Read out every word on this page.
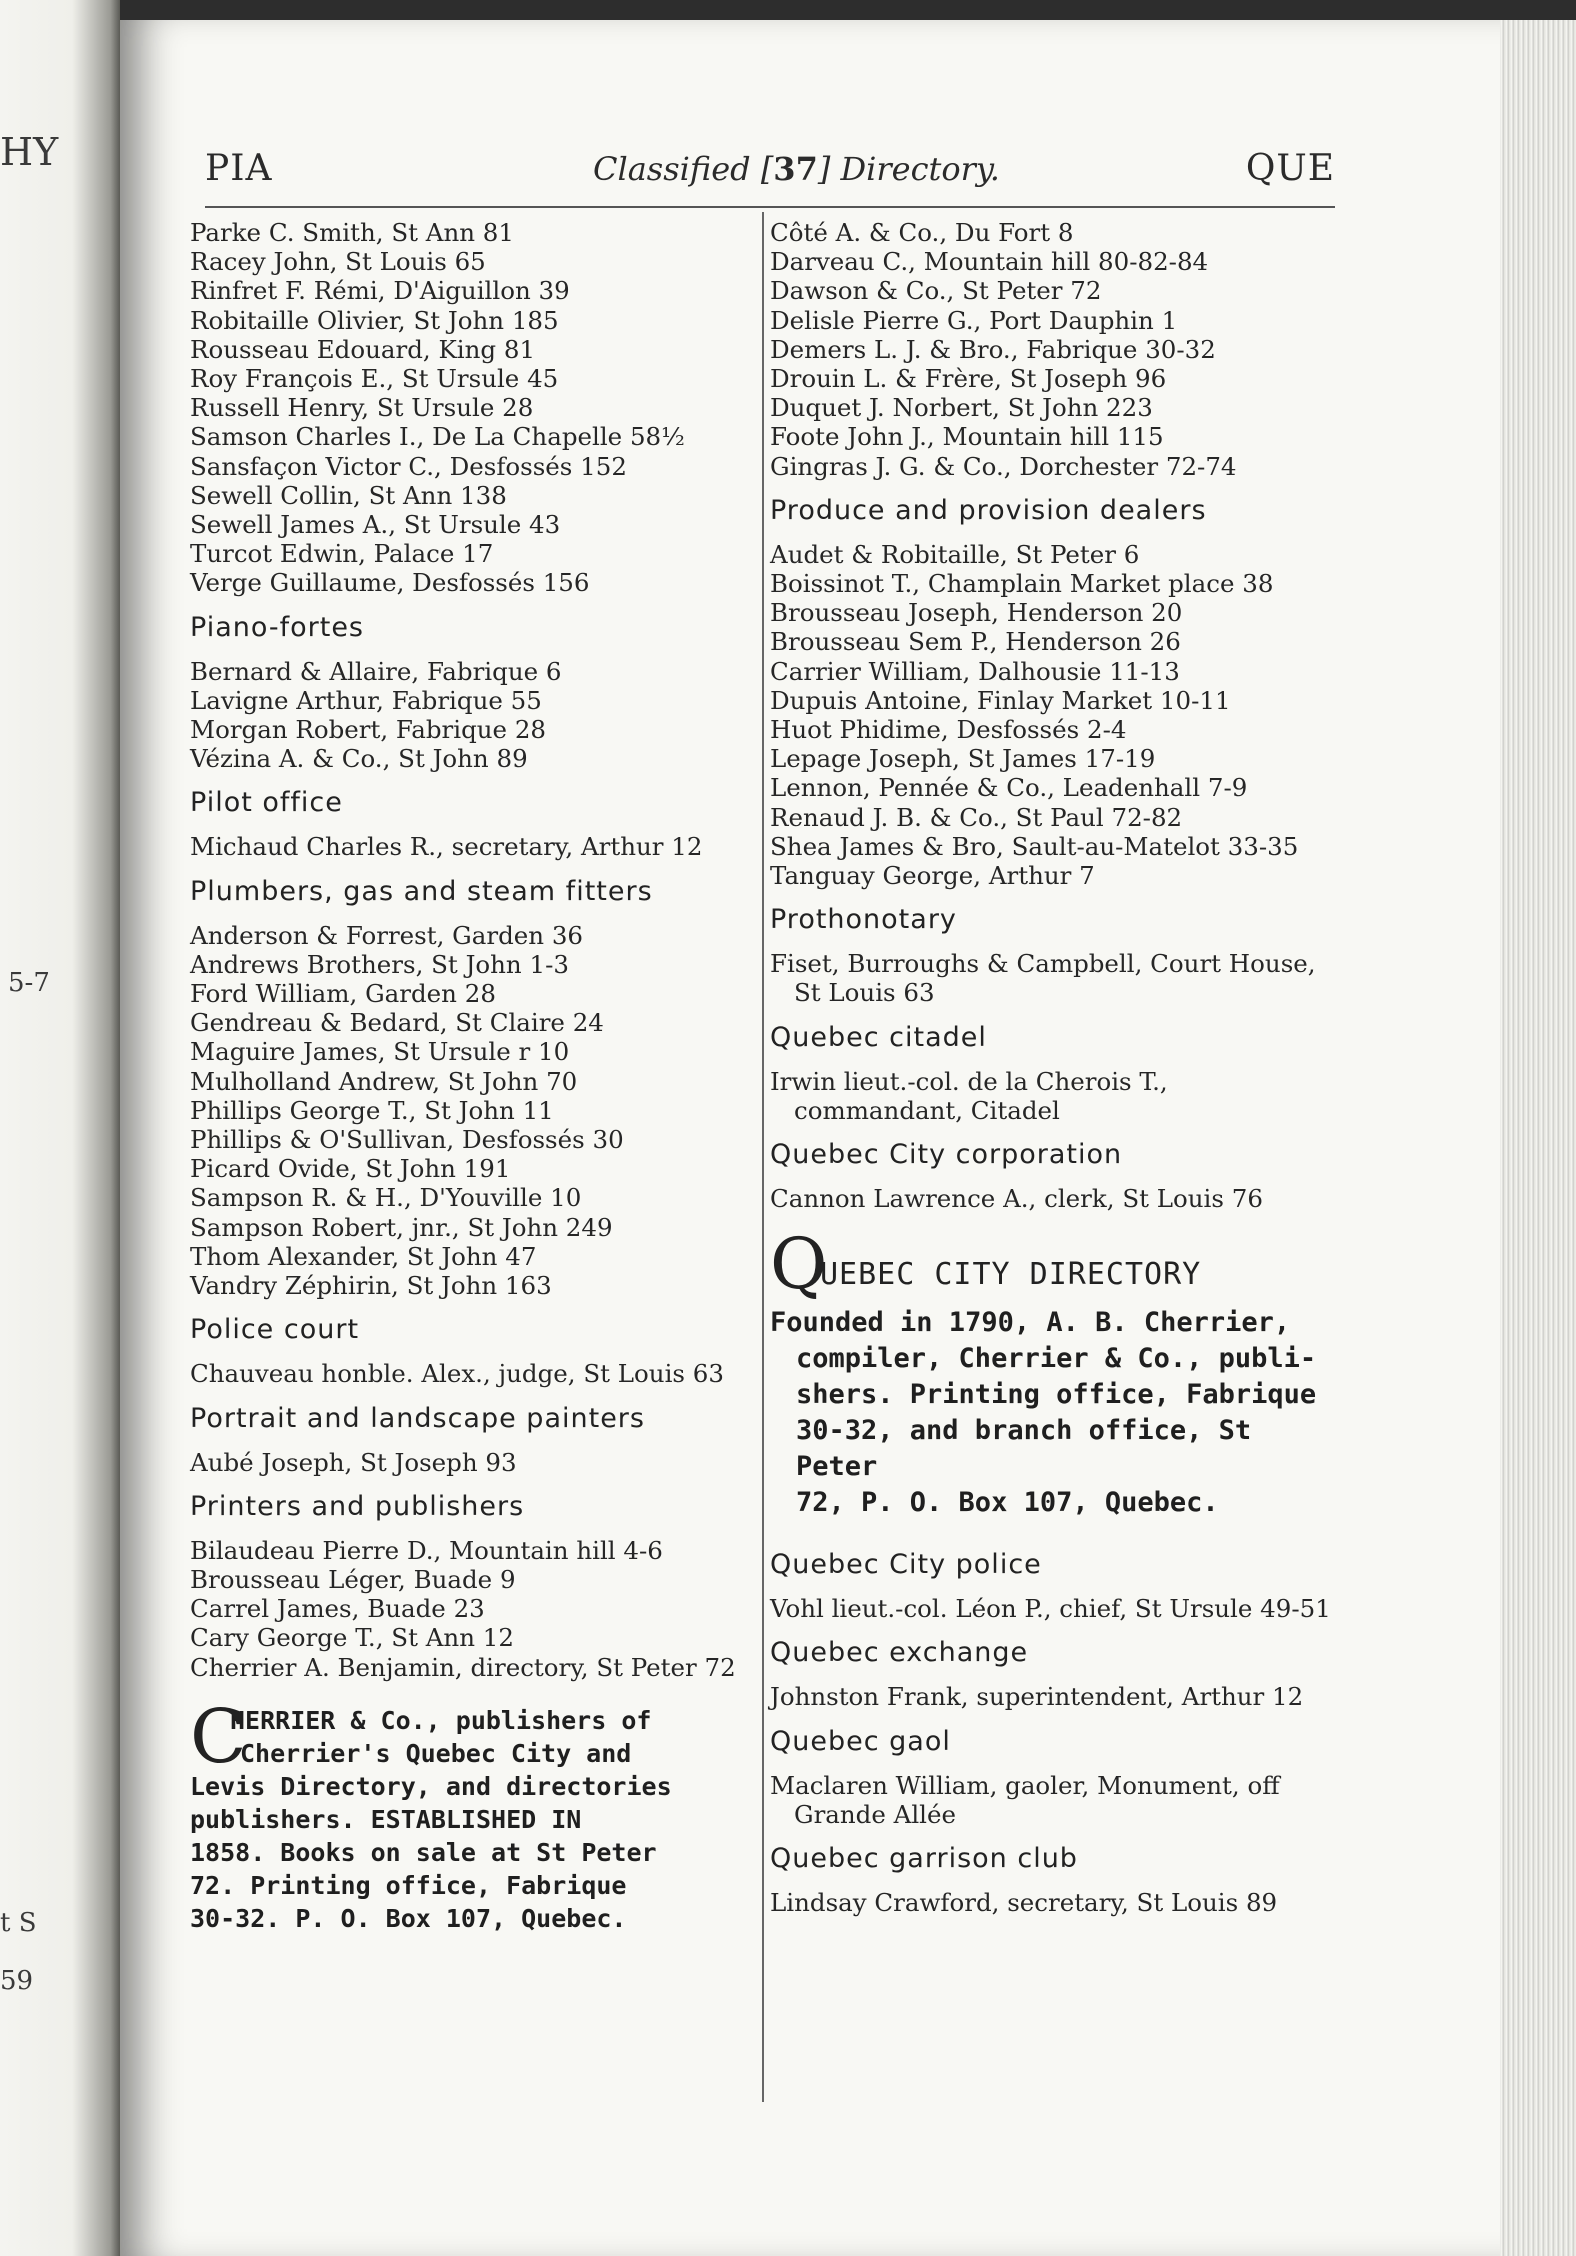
HY
5-7
t S
59
PIA	Classified [37] Directory.	QUE
Parke C. Smith, St Ann 81
Racey John, St Louis 65
Rinfret F. Rémi, D'Aiguillon 39
Robitaille Olivier, St John 185
Rousseau Edouard, King 81
Roy François E., St Ursule 45
Russell Henry, St Ursule 28
Samson Charles I., De La Chapelle 58½
Sansfaçon Victor C., Desfossés 152
Sewell Collin, St Ann 138
Sewell James A., St Ursule 43
Turcot Edwin, Palace 17
Verge Guillaume, Desfossés 156
Piano-fortes
Bernard & Allaire, Fabrique 6
Lavigne Arthur, Fabrique 55
Morgan Robert, Fabrique 28
Vézina A. & Co., St John 89
Pilot office
Michaud Charles R., secretary, Arthur 12
Plumbers, gas and steam fitters
Anderson & Forrest, Garden 36
Andrews Brothers, St John 1-3
Ford William, Garden 28
Gendreau & Bedard, St Claire 24
Maguire James, St Ursule r 10
Mulholland Andrew, St John 70
Phillips George T., St John 11
Phillips & O'Sullivan, Desfossés 30
Picard Ovide, St John 191
Sampson R. & H., D'Youville 10
Sampson Robert, jnr., St John 249
Thom Alexander, St John 47
Vandry Zéphirin, St John 163
Police court
Chauveau honble. Alex., judge, St Louis 63
Portrait and landscape painters
Aubé Joseph, St Joseph 93
Printers and publishers
Bilaudeau Pierre D., Mountain hill 4-6
Brousseau Léger, Buade 9
Carrel James, Buade 23
Cary George T., St Ann 12
Cherrier A. Benjamin, directory, St Peter 72
C
HERRIER & Co., publishers of
Cherrier's Quebec City and
Levis Directory, and directories
publishers. ESTABLISHED IN
1858. Books on sale at St Peter
72. Printing office, Fabrique
30-32. P. O. Box 107, Quebec.
Côté A. & Co., Du Fort 8
Darveau C., Mountain hill 80-82-84
Dawson & Co., St Peter 72
Delisle Pierre G., Port Dauphin 1
Demers L. J. & Bro., Fabrique 30-32
Drouin L. & Frère, St Joseph 96
Duquet J. Norbert, St John 223
Foote John J., Mountain hill 115
Gingras J. G. & Co., Dorchester 72-74
Produce and provision dealers
Audet & Robitaille, St Peter 6
Boissinot T., Champlain Market place 38
Brousseau Joseph, Henderson 20
Brousseau Sem P., Henderson 26
Carrier William, Dalhousie 11-13
Dupuis Antoine, Finlay Market 10-11
Huot Phidime, Desfossés 2-4
Lepage Joseph, St James 17-19
Lennon, Pennée & Co., Leadenhall 7-9
Renaud J. B. & Co., St Paul 72-82
Shea James & Bro, Sault-au-Matelot 33-35
Tanguay George, Arthur 7
Prothonotary
Fiset, Burroughs & Campbell, Court House, St Louis 63
Quebec citadel
Irwin lieut.-col. de la Cherois T., commandant, Citadel
Quebec City corporation
Cannon Lawrence A., clerk, St Louis 76
Q
UEBEC CITY DIRECTORY
Founded in 1790, A. B. Cherrier,
compiler, Cherrier & Co., publi-
shers. Printing office, Fabrique
30-32, and branch office, St Peter
72, P. O. Box 107, Quebec.
Quebec City police
Vohl lieut.-col. Léon P., chief, St Ursule 49-51
Quebec exchange
Johnston Frank, superintendent, Arthur 12
Quebec gaol
Maclaren William, gaoler, Monument, off Grande Allée
Quebec garrison club
Lindsay Crawford, secretary, St Louis 89
